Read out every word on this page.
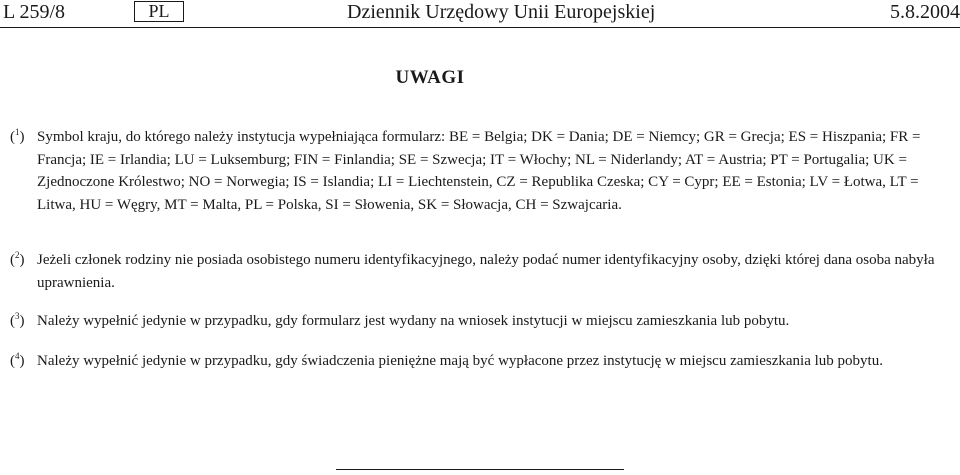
L 259/8	PL	Dziennik Urzędowy Unii Europejskiej	5.8.2004
UWAGI
($^1$) Symbol kraju, do którego należy instytucja wypełniająca formularz: BE = Belgia; DK = Dania; DE = Niemcy; GR = Grecja; ES = Hiszpania; FR = Francja; IE = Irlandia; LU = Luksemburg; FIN = Finlandia; SE = Szwecja; IT = Włochy; NL = Niderlandy; AT = Austria; PT = Portugalia; UK = Zjednoczone Królestwo; NO = Norwegia; IS = Islandia; LI = Liechtenstein, CZ = Republika Czeska; CY = Cypr; EE = Estonia; LV = Łotwa, LT = Litwa, HU = Węgry, MT = Malta, PL = Polska, SI = Słowenia, SK = Słowacja, CH = Szwajcaria.
($^2$) Jeżeli członek rodziny nie posiada osobistego numeru identyfikacyjnego, należy podać numer identyfikacyjny osoby, dzięki której dana osoba nabyła uprawnienia.
($^3$) Należy wypełnić jedynie w przypadku, gdy formularz jest wydany na wniosek instytucji w miejscu zamieszkania lub pobytu.
($^4$) Należy wypełnić jedynie w przypadku, gdy świadczenia pieniężne mają być wypłacone przez instytucję w miejscu zamieszkania lub pobytu.
